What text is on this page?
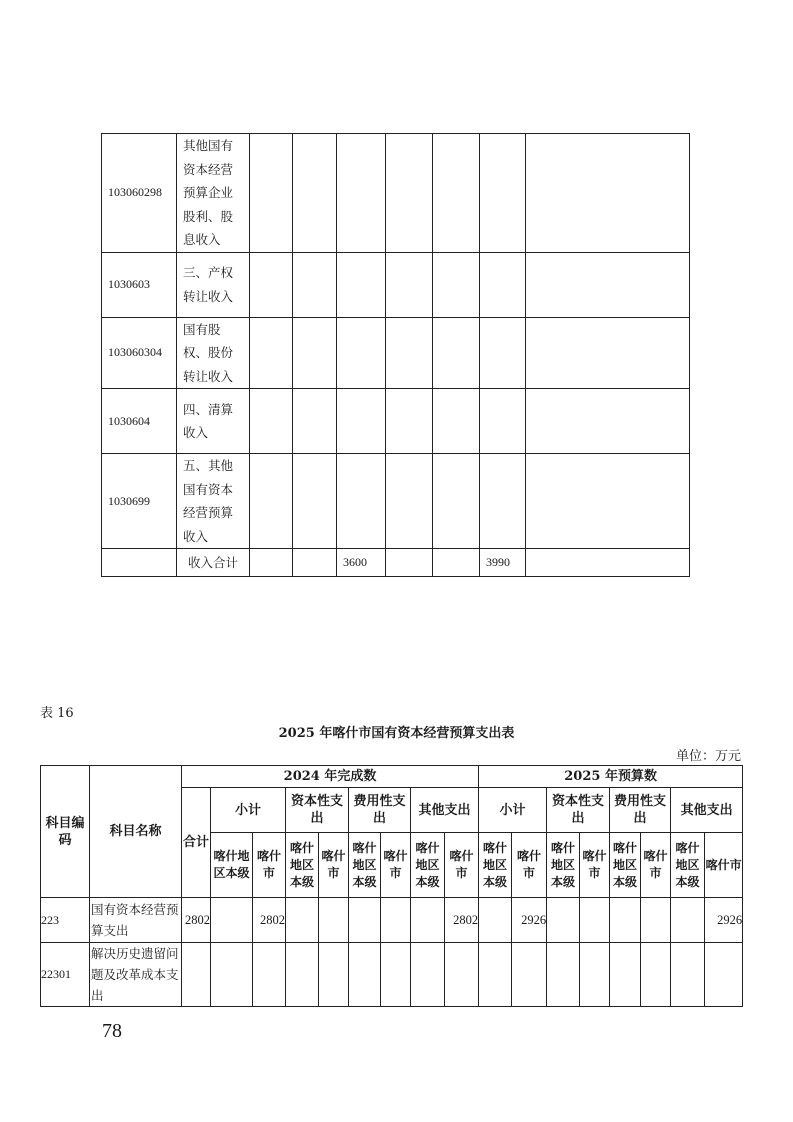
103060298	其他国有资本经营预算企业股利、股息收入							
1030603	三、产权转让收入							
103060304	国有股权、股份转让收入							
1030604	四、清算收入							
1030699	五、其他国有资本经营预算收入							
	收入合计			3600			3990	
表 16
2025 年喀什市国有资本经营预算支出表
单位：万元
科目编码	科目名称	2024 年完成数									2025 年预算数							
		合计	小计		资本性支出		费用性支出		其他支出		小计		资本性支出		费用性支出		其他支出	
			喀什地区本级	喀什市	喀什地区本级	喀什市	喀什地区本级	喀什市	喀什地区本级	喀什市	喀什地区本级	喀什市	喀什地区本级	喀什市	喀什地区本级	喀什市	喀什地区本级	喀什市
223	国有资本经营预算支出	2802		2802						2802		2926						2926
22301	解决历史遗留问题及改革成本支出																	
78
